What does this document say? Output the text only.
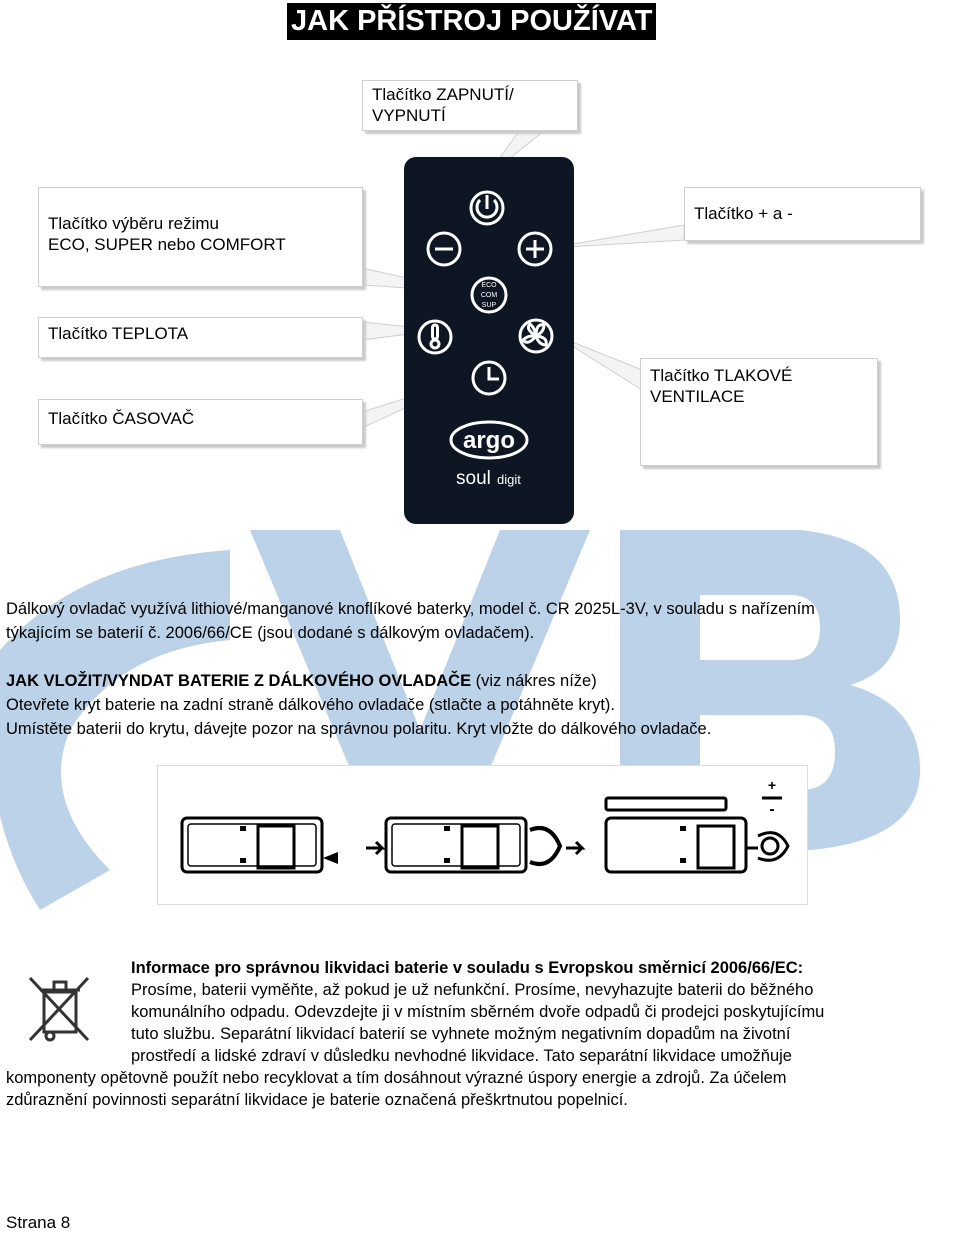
JAK PŘÍSTROJ POUŽÍVAT
Tlačítko ZAPNUTÍ/
VYPNUTÍ
Tlačítko výběru režimu
ECO, SUPER nebo COMFORT
Tlačítko + a -
Tlačítko TEPLOTA
Tlačítko ČASOVAČ
Tlačítko TLAKOVÉ
VENTILACE
ECO
COM
SUP
argo
soul digit
Dálkový ovladač využívá lithiové/manganové knoflíkové baterky, model č. CR 2025L-3V, v souladu s nařízením
týkajícím se baterií č. 2006/66/CE (jsou dodané s dálkovým ovladačem).
JAK VLOŽIT/VYNDAT BATERIE Z DÁLKOVÉHO OVLADAČE (viz nákres níže)
Otevřete kryt baterie na zadní straně dálkového ovladače (stlačte a potáhněte kryt).
Umístěte baterii do krytu, dávejte pozor na správnou polaritu. Kryt vložte do dálkového ovladače.
+
-
Informace pro správnou likvidaci baterie v souladu s Evropskou směrnicí 2006/66/EC:
Prosíme, baterii vyměňte, až pokud je už nefunkční. Prosíme, nevyhazujte baterii do běžného
komunálního odpadu. Odevzdejte ji v místním sběrném dvoře odpadů či prodejci poskytujícímu
tuto službu. Separátní likvidací baterií se vyhnete možným negativním dopadům na životní
prostředí a lidské zdraví v důsledku nevhodné likvidace. Tato separátní likvidace umožňuje
komponenty opětovně použít nebo recyklovat a tím dosáhnout výrazné úspory energie a zdrojů. Za účelem
zdůraznění povinnosti separátní likvidace je baterie označená přeškrtnutou popelnicí.
Strana 8
